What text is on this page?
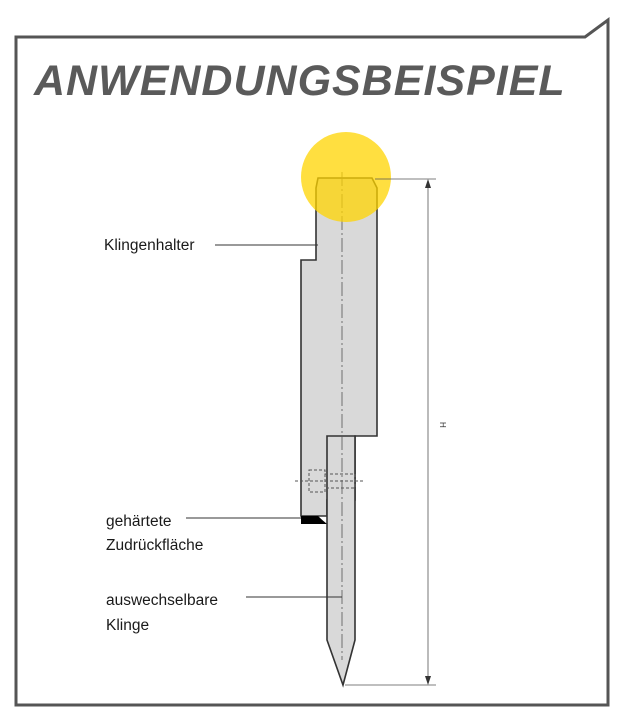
ANWENDUNGSBEISPIEL
H
Klingenhalter
gehärtete
Zudrückfläche
auswechselbare
Klinge
